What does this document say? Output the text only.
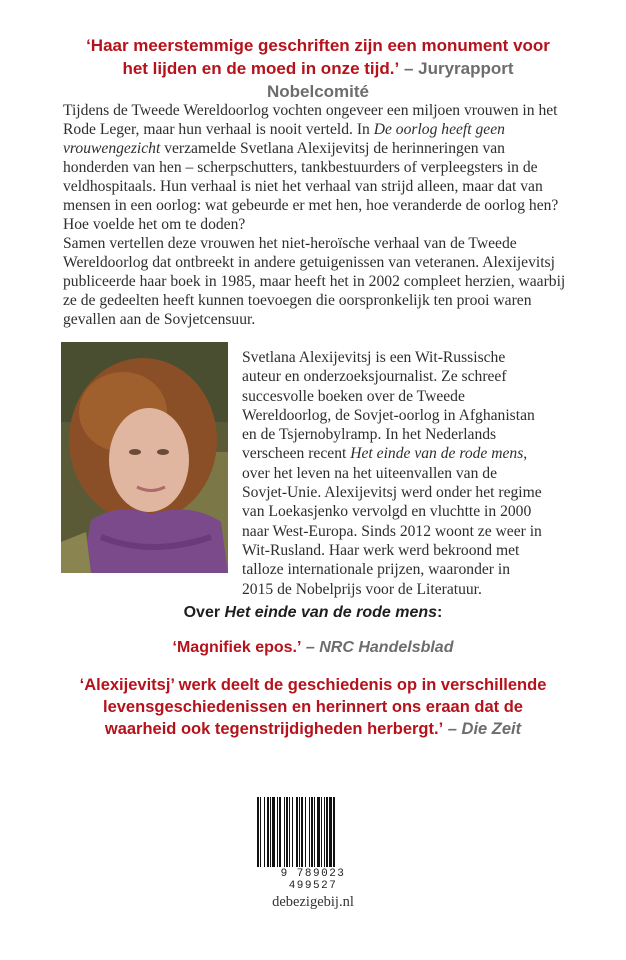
‘Haar meerstemmige geschriften zijn een monument voor het lijden en de moed in onze tijd.’ – Juryrapport Nobelcomité

Tijdens de Tweede Wereldoorlog vochten ongeveer een miljoen vrouwen in het Rode Leger, maar hun verhaal is nooit verteld. In De oorlog heeft geen vrouwengezicht verzamelde Svetlana Alexijevitsj de herinneringen van honderden van hen – scherpschutters, tankbestuurders of verpleegsters in de veldhospitaals. Hun verhaal is niet het verhaal van strijd alleen, maar dat van mensen in een oorlog: wat gebeurde er met hen, hoe veranderde de oorlog hen? Hoe voelde het om te doden?

Samen vertellen deze vrouwen het niet-heroïsche verhaal van de Tweede Wereldoorlog dat ontbreekt in andere getuigenissen van veteranen. Alexijevitsj publiceerde haar boek in 1985, maar heeft het in 2002 compleet herzien, waarbij ze de gedeelten heeft kunnen toevoegen die oorspronkelijk ten prooi waren gevallen aan de Sovjetcensuur.

Svetlana Alexijevitsj is een Wit-Russische auteur en onderzoeksjournalist. Ze schreef succesvolle boeken over de Tweede Wereldoorlog, de Sovjet-oorlog in Afghanistan en de Tsjernobylramp. In het Nederlands verscheen recent Het einde van de rode mens, over het leven na het uiteenvallen van de Sovjet-Unie. Alexijevitsj werd onder het regime van Loekasjenko vervolgd en vluchtte in 2000 naar West-Europa. Sinds 2012 woont ze weer in Wit-Rusland. Haar werk werd bekroond met talloze internationale prijzen, waaronder in 2015 de Nobelprijs voor de Literatuur.

Over Het einde van de rode mens:
‘Magnifiek epos.’ – NRC Handelsblad
‘Alexijevitsj’ werk deelt de geschiedenis op in verschillende levensgeschiedenissen en herinnert ons eraan dat de waarheid ook tegenstrijdigheden herbergt.’ – Die Zeit
9 789023 499527
debezigebij.nl
